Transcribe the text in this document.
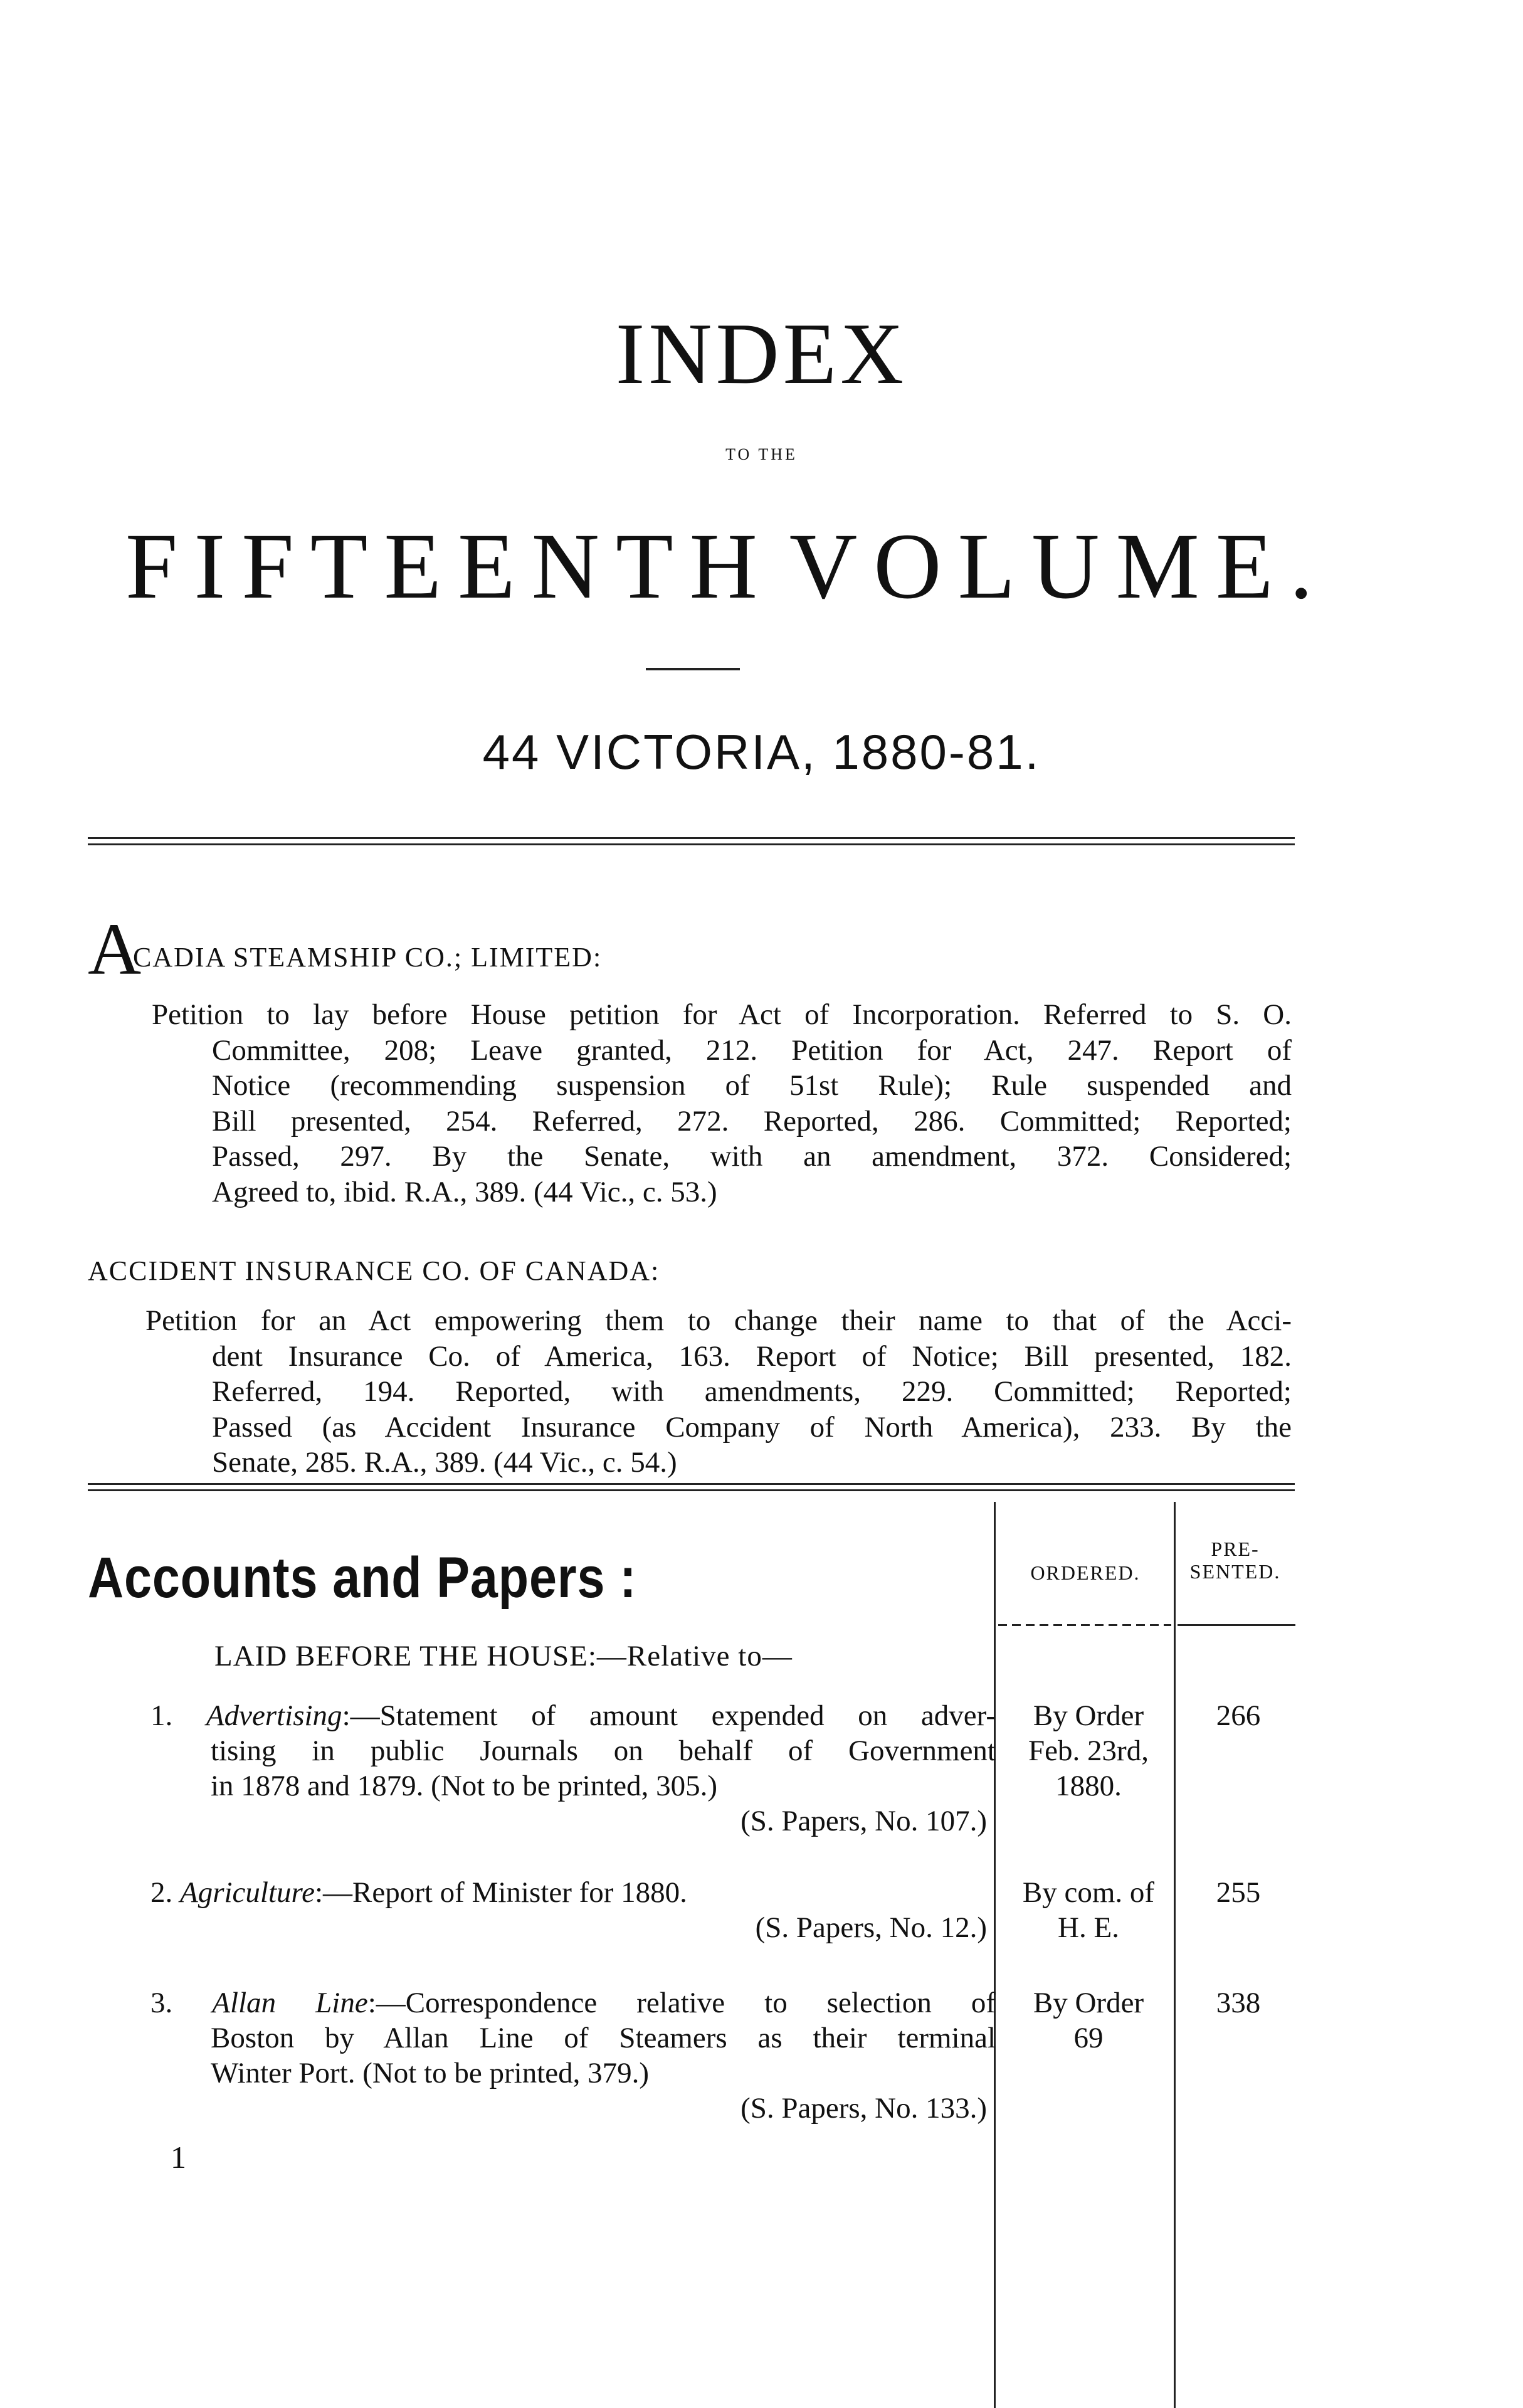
INDEX
TO THE
FIFTEENTH VOLUME.
44 VICTORIA, 1880-81.
A
CADIA STEAMSHIP CO.; LIMITED:
Petition to lay before House petition for Act of Incorporation. Referred to S. O.
Committee, 208; Leave granted, 212. Petition for Act, 247. Report of
Notice (recommending suspension of 51st Rule); Rule suspended and
Bill presented, 254. Referred, 272. Reported, 286. Committed; Reported;
Passed, 297. By the Senate, with an amendment, 372. Considered;
Agreed to, ibid. R.A., 389. (44 Vic., c. 53.)
ACCIDENT INSURANCE CO. OF CANADA:
Petition for an Act empowering them to change their name to that of the Acci-
dent Insurance Co. of America, 163. Report of Notice; Bill presented, 182.
Referred, 194. Reported, with amendments, 229. Committed; Reported;
Passed (as Accident Insurance Company of North America), 233. By the
Senate, 285. R.A., 389. (44 Vic., c. 54.)
Accounts and Papers :	ORDERED.
PRE-
SENTED.
LAID BEFORE THE HOUSE:—Relative to—
1. Advertising:—Statement of amount expended on adver-
tising in public Journals on behalf of Government
in 1878 and 1879. (Not to be printed, 305.)
(S. Papers, No. 107.)
By Order
Feb. 23rd,
1880.
266
2. Agriculture:—Report of Minister for 1880.
(S. Papers, No. 12.)
By com. of
H. E.
255
3. Allan Line:—Correspondence relative to selection of
Boston by Allan Line of Steamers as their terminal
Winter Port. (Not to be printed, 379.)
(S. Papers, No. 133.)
By Order
69
338
1
